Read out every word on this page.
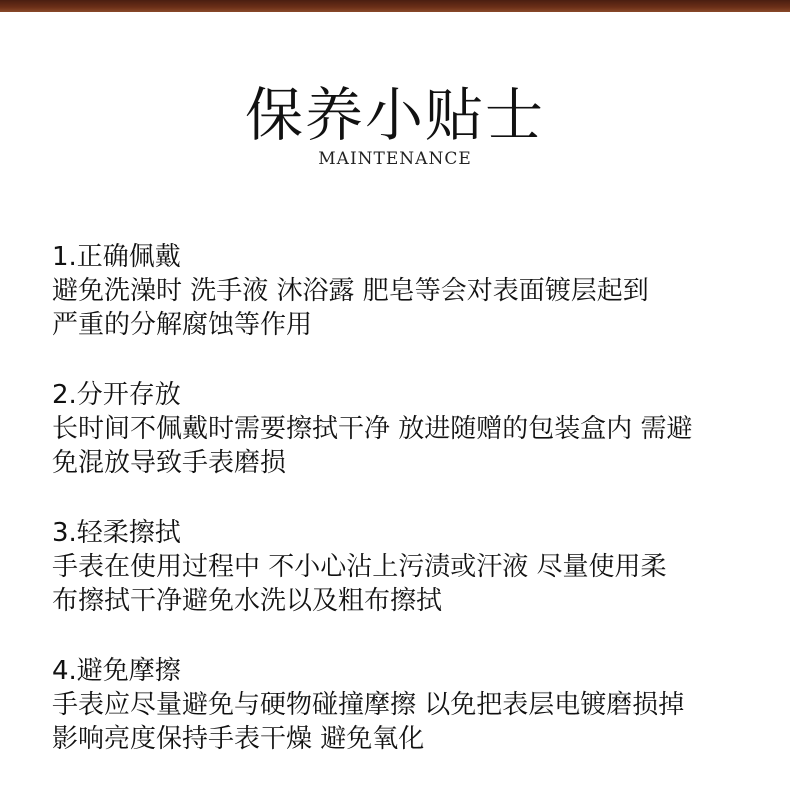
保养小贴士
MAINTENANCE
1.正确佩戴
避免洗澡时 洗手液 沐浴露 肥皂等会对表面镀层起到
严重的分解腐蚀等作用
2.分开存放
长时间不佩戴时需要擦拭干净 放进随赠的包装盒内 需避
免混放导致手表磨损
3.轻柔擦拭
手表在使用过程中 不小心沾上污渍或汗液 尽量使用柔
布擦拭干净避免水洗以及粗布擦拭
4.避免摩擦
手表应尽量避免与硬物碰撞摩擦 以免把表层电镀磨损掉
影响亮度保持手表干燥 避免氧化
